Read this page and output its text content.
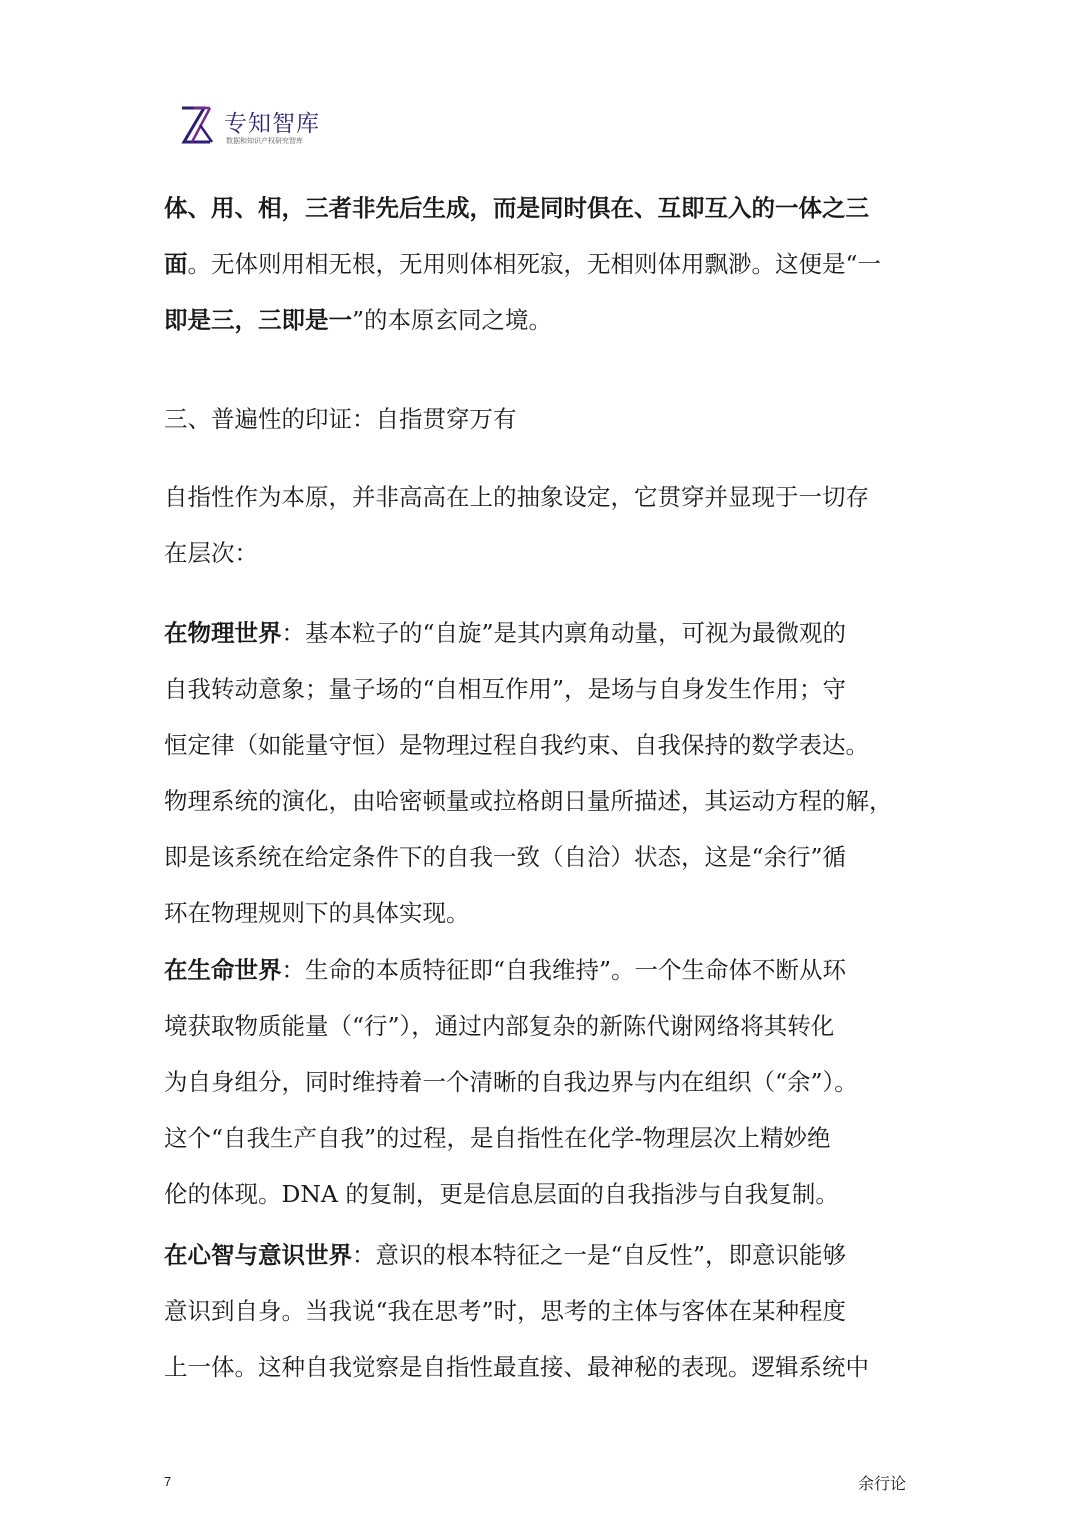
专知智库
数据和知识产权研究智库
体、用、相，三者非先后生成，而是同时俱在、互即互入的一体之三
面。无体则用相无根，无用则体相死寂，无相则体用飘渺。这便是“一
即是三，三即是一”的本原玄同之境。
三、普遍性的印证：自指贯穿万有
自指性作为本原，并非高高在上的抽象设定，它贯穿并显现于一切存
在层次：
在物理世界：基本粒子的“自旋”是其内禀角动量，可视为最微观的
自我转动意象；量子场的“自相互作用”，是场与自身发生作用；守
恒定律（如能量守恒）是物理过程自我约束、自我保持的数学表达。
物理系统的演化，由哈密顿量或拉格朗日量所描述，其运动方程的解，
即是该系统在给定条件下的自我一致（自洽）状态，这是“余行”循
环在物理规则下的具体实现。
在生命世界：生命的本质特征即“自我维持”。一个生命体不断从环
境获取物质能量（“行”），通过内部复杂的新陈代谢网络将其转化
为自身组分，同时维持着一个清晰的自我边界与内在组织（“余”）。
这个“自我生产自我”的过程，是自指性在化学-物理层次上精妙绝
伦的体现。DNA 的复制，更是信息层面的自我指涉与自我复制。
在心智与意识世界：意识的根本特征之一是“自反性”，即意识能够
意识到自身。当我说“我在思考”时，思考的主体与客体在某种程度
上一体。这种自我觉察是自指性最直接、最神秘的表现。逻辑系统中
7	余行论
